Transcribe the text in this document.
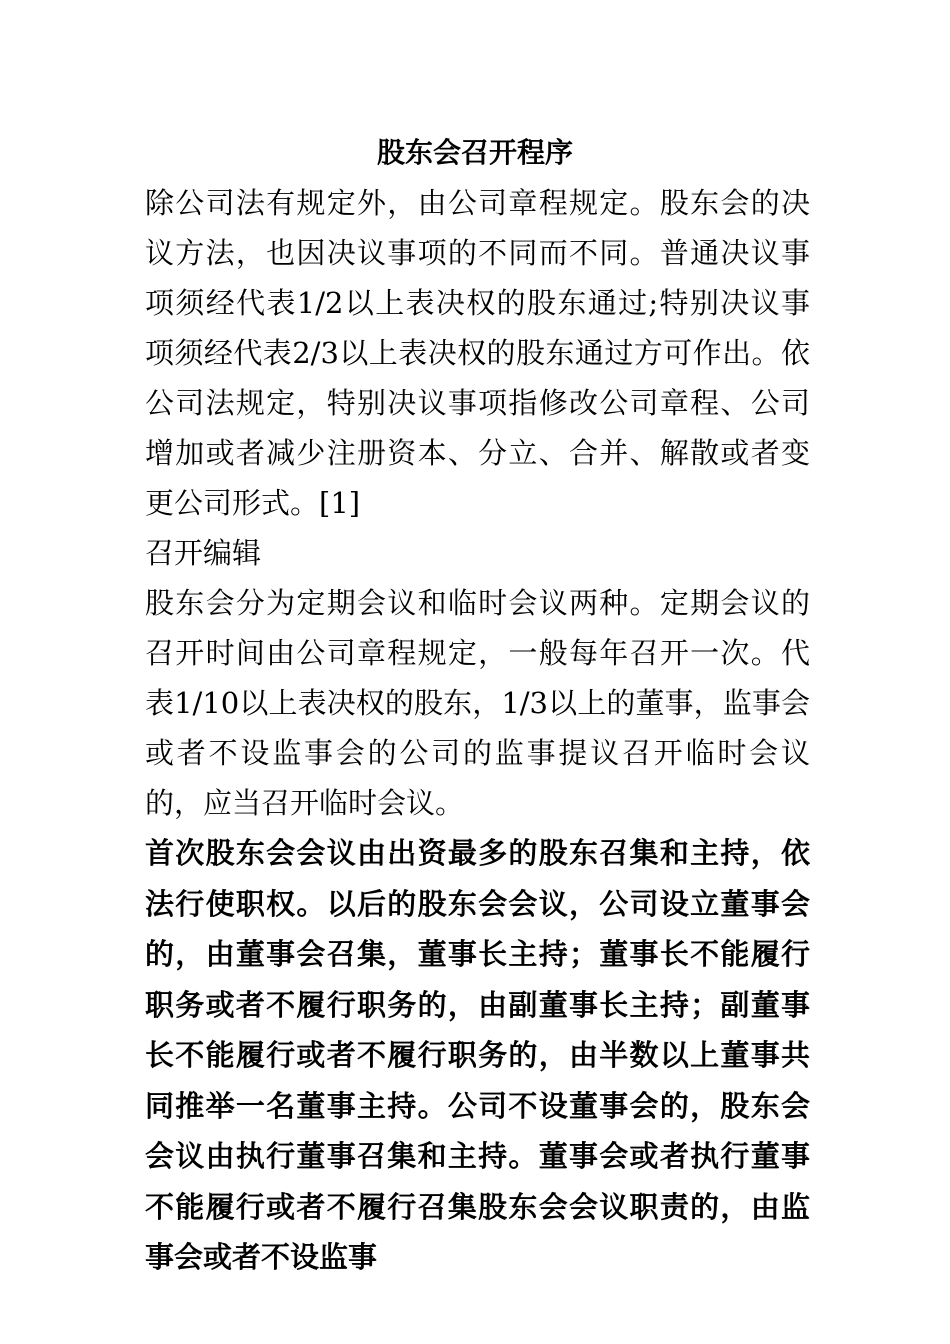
股东会召开程序

除公司法有规定外，由公司章程规定。股东会的决议方法，也因决议事项的不同而不同。普通决议事项须经代表1/2以上表决权的股东通过;特别决议事项须经代表2/3以上表决权的股东通过方可作出。依公司法规定，特别决议事项指修改公司章程、公司增加或者减少注册资本、分立、合并、解散或者变更公司形式。[1]

召开编辑

股东会分为定期会议和临时会议两种。定期会议的召开时间由公司章程规定，一般每年召开一次。代表1/10以上表决权的股东，1/3以上的董事，监事会或者不设监事会的公司的监事提议召开临时会议的，应当召开临时会议。

首次股东会会议由出资最多的股东召集和主持，依法行使职权。以后的股东会会议，公司设立董事会的，由董事会召集，董事长主持；董事长不能履行职务或者不履行职务的，由副董事长主持；副董事长不能履行或者不履行职务的，由半数以上董事共同推举一名董事主持。公司不设董事会的，股东会会议由执行董事召集和主持。董事会或者执行董事不能履行或者不履行召集股东会会议职责的，由监事会或者不设监事
